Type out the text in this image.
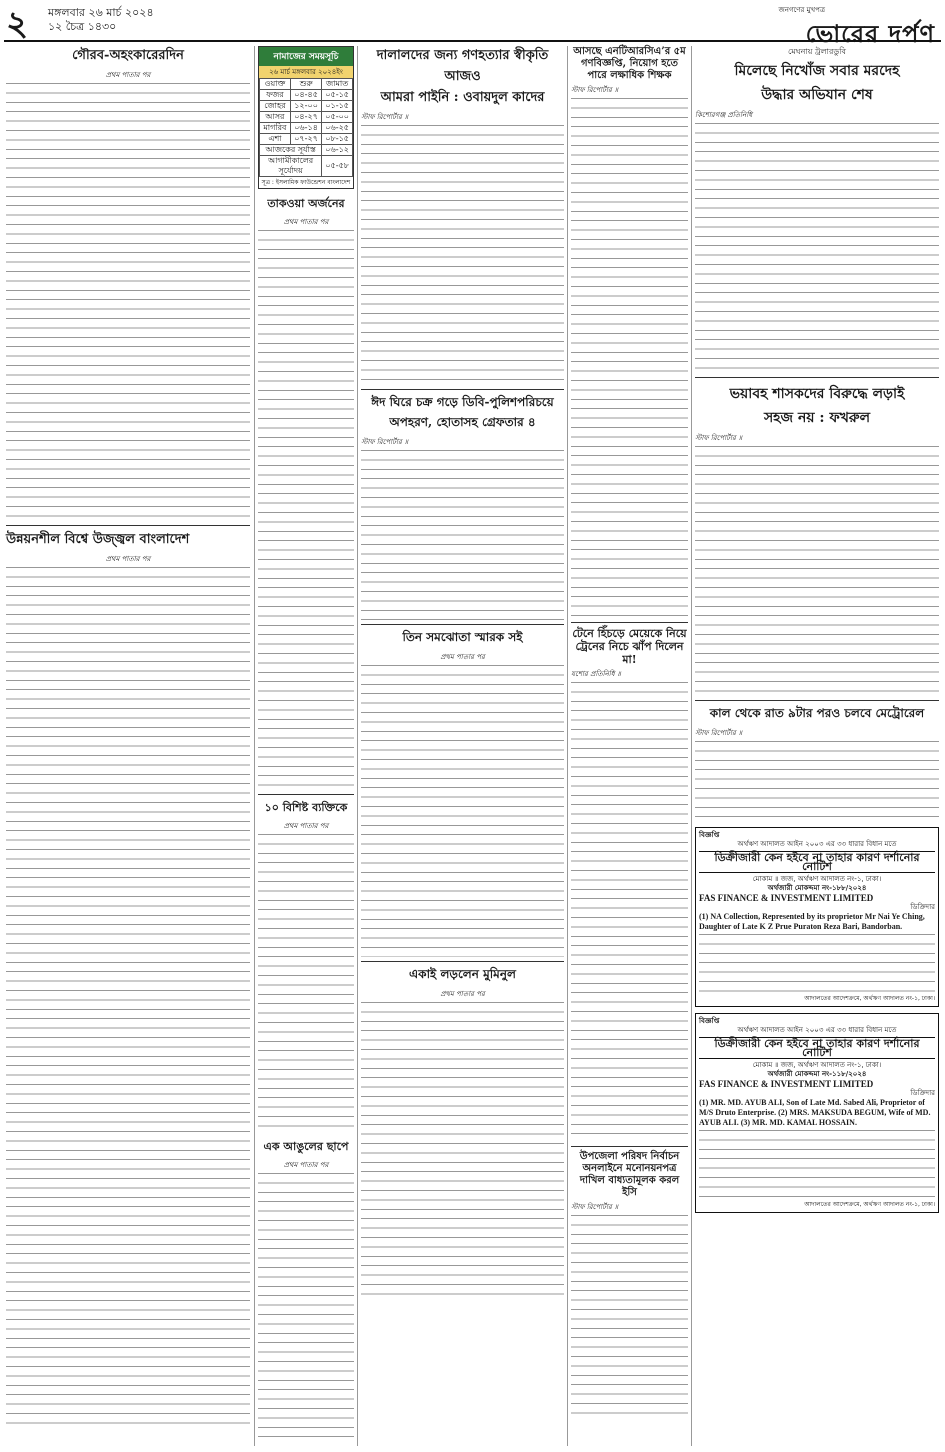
২ মঙ্গলবার ২৬ মার্চ ২০২৪
১২ চৈত্র ১৪৩০
জনগণের মুখপত্র
ভোরের দর্পণ
গৌরব-অহংকারেরদিন
প্রথম পাতার পর
উন্নয়নশীল বিশ্বে উজ্জ্বল বাংলাদেশ
প্রথম পাতার পর
নামাজের সময়সূচি
২৬ মার্চ মঙ্গলবার ২০২৪ইং
ওয়াক্ত	শুরু	জামাত
ফজর	০৪-৪৫	০৫-১৫
জোহর	১২-০০	০১-১৫
আসর	০৪-২৭	০৫-০০
মাগরিব	০৬-১৪	০৬-২৫
এশা	০৭-২৭	০৮-১৫
আজকের সূর্যাস্ত		০৬-১২
আগামীকালের সূর্যোদয়		০৫-৫৮
সূত্র : ইসলামিক ফাউন্ডেশন বাংলাদেশ
তাকওয়া অর্জনের
প্রথম পাতার পর
১০ বিশিষ্ট ব্যক্তিকে
প্রথম পাতার পর
দালালদের জন্য গণহত্যার স্বীকৃতি আজও
আমরা পাইনি : ওবায়দুল কাদের
স্টাফ রিপোর্টার ॥
ঈদ ঘিরে চক্র গড়ে ডিবি-পুলিশপরিচয়ে
অপহরণ, হোতাসহ গ্রেফতার ৪
স্টাফ রিপোর্টার ॥
তিন সমঝোতা স্মারক সই
প্রথম পাতার পর
একাই লড়লেন মুমিনুল
প্রথম পাতার পর
এক আঙুলের ছাপে
প্রথম পাতার পর
আসছে এনটিআরসিএ’র ৫ম গণবিজ্ঞপ্তি, নিয়োগ হতে পারে লক্ষাধিক শিক্ষক
স্টাফ রিপোর্টার ॥
টেনে হিঁচড়ে মেয়েকে নিয়ে ট্রেনের নিচে ঝাঁপ দিলেন মা!
যশোর প্রতিনিধি ॥
উপজেলা পরিষদ নির্বাচন অনলাইনে মনোনয়নপত্র দাখিল বাধ্যতামূলক করল ইসি
স্টাফ রিপোর্টার ॥
মেঘনায় ট্রলারডুবি
মিলেছে নিখোঁজ সবার মরদেহ
উদ্ধার অভিযান শেষ
কিশোরগঞ্জ প্রতিনিধি
ভয়াবহ শাসকদের বিরুদ্ধে লড়াই
সহজ নয় : ফখরুল
স্টাফ রিপোর্টার ॥
কাল থেকে রাত ৯টার পরও চলবে মেট্রোরেল
স্টাফ রিপোর্টার ॥
বিজ্ঞপ্তি
অর্থঋণ আদালত আইন ২০০৩ এর ৩৩ ধারার বিধান মতে
ডিক্রীজারী কেন হইবে না তাহার কারণ দর্শানোর নোটিশ
মোকাম ॥ জজ, অর্থঋণ আদালত নং-১, ঢাকা।
অর্থজারী মোকদ্দমা নং-১৮৮/২০২৪
FAS FINANCE & INVESTMENT LIMITED
ডিক্রিদার
(1) NA Collection, Represented by its proprietor Mr Nai Ye Ching, Daughter of Late K Z Prue Puraton Reza Bari, Bandorban.
আদালতের আদেশক্রমে, অর্থঋণ আদালত নং-১, ঢাকা।
বিজ্ঞপ্তি
অর্থঋণ আদালত আইন ২০০৩ এর ৩৩ ধারার বিধান মতে
ডিক্রীজারী কেন হইবে না তাহার কারণ দর্শানোর নোটিশ
মোকাম ॥ জজ, অর্থঋণ আদালত নং-১, ঢাকা।
অর্থজারী মোকদ্দমা নং-১১৮/২০২৪
FAS FINANCE & INVESTMENT LIMITED
ডিক্রিদার
(1) MR. MD. AYUB ALI, Son of Late Md. Sabed Ali, Proprietor of M/S Druto Enterprise. (2) MRS. MAKSUDA BEGUM, Wife of MD. AYUB ALI. (3) MR. MD. KAMAL HOSSAIN.
আদালতের আদেশক্রমে, অর্থঋণ আদালত নং-১, ঢাকা।
